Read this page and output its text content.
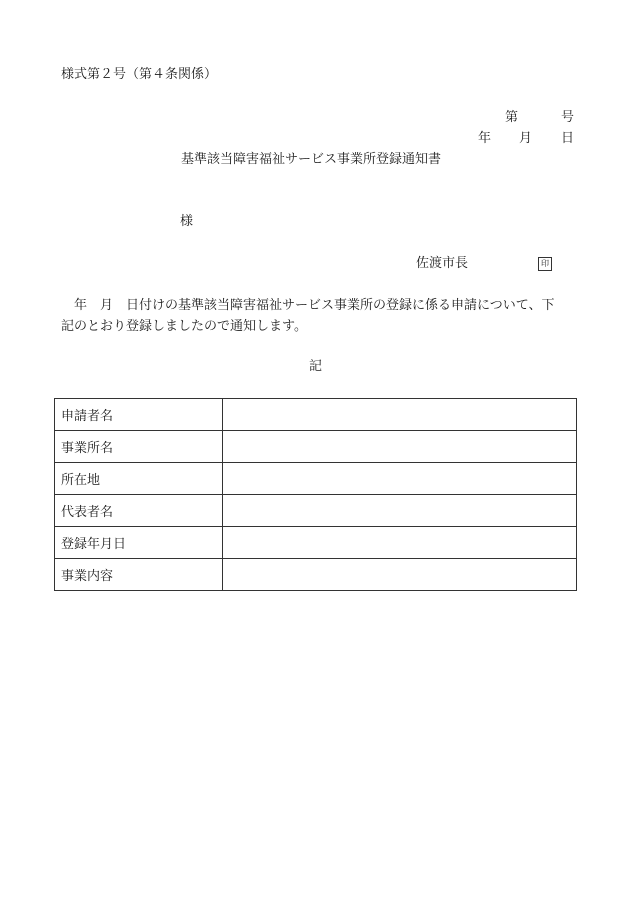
様式第２号（第４条関係）
第	号
年 月 日
基準該当障害福祉サービス事業所登録通知書
様
佐渡市長	印
　年　月　日付けの基準該当障害福祉サービス事業所の登録に係る申請について、下
記のとおり登録しましたので通知します。
記
申請者名	
事業所名	
所在地	
代表者名	
登録年月日	
事業内容	
